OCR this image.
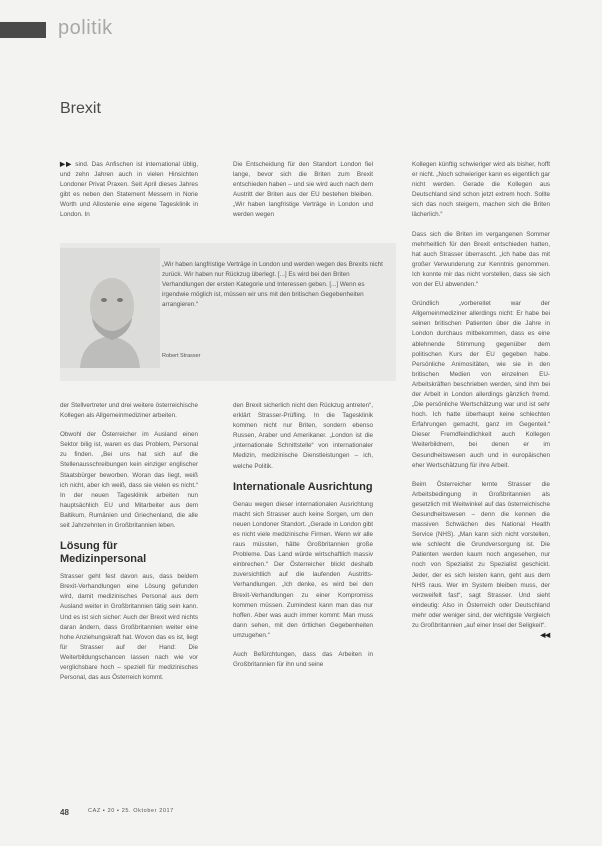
politik
Brexit

▶▶ sind. Das Anfischen ist international üblig, und zehn Jahren auch in vielen Hinsichten Londoner Privat Praxen. Seit April dieses Jahres gibt es neben den Statement Messern in Norie Worth und Allostenie eine eigene Tagesklinik in London. In

Die Entscheidung für den Standort London fiel lange, bevor sich die Briten zum Brexit entschieden haben – und sie wird auch nach dem Austritt der Briten aus der EU bestehen bleiben. „Wir haben langfristige Verträge in London und werden wegen

„Wir haben langfristige Verträge in London und werden wegen des Brexits nicht zurück. Wir haben nur Rückzug überlegt. [...] Es wird bei den Briten Verhandlungen der ersten Kategorie und Interessen geben. [...] Wenn es irgendwie möglich ist, müssen wir uns mit den britischen Gegebenheiten arrangieren.“
Robert Strasser

der Stellvertreter und drei weitere österreichische Kollegen als Allgemeinmediziner arbeiten.

Obwohl der Österreicher im Ausland einen Sektor bilig ist, waren es das Problem, Personal zu finden. „Bei uns hat sich auf die Stellenausschreibungen kein einziger englischer Staatsbürger beworben. Woran das liegt, weiß ich nicht, aber ich weiß, dass sie vielen es nicht.“ In der neuen Tagesklinik arbeiten nun hauptsächlich EU und Mitarbeiter aus dem Baltikum, Rumänien und Griechenland, die alle seit Jahrzehnten in Großbritannien leben.

Lösung für Medizinpersonal

Strasser geht fest davon aus, dass beidem Brexit-Verhandlungen eine Lösung gefunden wird, damit medizinisches Personal aus dem Ausland weiter in Großbritannien tätig sein kann. Und es ist sich sicher: Auch der Brexit wird nichts daran ändern, dass Großbritannien weiter eine hohe Anziehungskraft hat. Wovon das es ist, liegt für Strasser auf der Hand: Die Weiterbildungschancen lassen nach wie vor verglichsbare hoch – speziell für medizinisches Personal, das aus Österreich kommt.

den Brexit sicherlich nicht den Rückzug antreten“, erklärt Strasser-Prüfling. In die Tagesklinik kommen nicht nur Briten, sondern ebenso Russen, Araber und Amerikaner. „London ist die „internationale Schnittstelle“ von internationaler Medizin, medizinische Dienstleistungen – ich, welche Politik.

Internationale Ausrichtung

Genau wegen dieser internationalen Ausrichtung macht sich Strasser auch keine Sorgen, um den neuen Londoner Standort. „Gerade in London gibt es nicht viele medizinische Firmen. Wenn wir alle raus müssten, hätte Großbritannien große Probleme. Das Land würde wirtschaftlich massiv einbrechen.“ Der Österreicher blickt deshalb zuversichtlich auf die laufenden Austritts-Verhandlungen. „Ich denke, es wird bei den Brexit-Verhandlungen zu einer Kompromiss kommen müssen. Zumindest kann man das nur hoffen. Aber was auch immer kommt: Man muss dann sehen, mit den örtlichen Gegebenheiten umzugehen.“

Auch Befürchtungen, dass das Arbeiten in Großbritannien für ihn und seine

Kollegen künftig schwieriger wird als bisher, hofft er nicht. „Noch schwieriger kann es eigentlich gar nicht werden. Gerade die Kollegen aus Deutschland sind schon jetzt extrem hoch. Sollte sich das noch steigern, machen sich die Briten lächerlich.“

Dass sich die Briten im vergangenen Sommer mehrheitlich für den Brexit entschieden hatten, hat auch Strasser überrascht. „Ich habe das mit großer Verwunderung zur Kenntnis genommen. Ich konnte mir das nicht vorstellen, dass sie sich von der EU abwenden.“

Gründlich „vorbereitet war der Allgemeinmediziner allerdings nicht: Er habe bei seinen britischen Patienten über die Jahre in London durchaus mitbekommen, dass es eine ablehnende Stimmung gegenüber dem politischen Kurs der EU gegeben habe. Persönliche Animositäten, wie sie in den britischen Medien von einzelnen EU-Arbeitskräften beschrieben werden, sind ihm bei der Arbeit in London allerdings gänzlich fremd. „Die persönliche Wertschätzung war und ist sehr hoch. Ich hatte überhaupt keine schlechten Erfahrungen gemacht, ganz im Gegenteil.“ Dieser Fremdfeindlichkeit auch Kollegen Weiterbildnern, bei denen er im Gesundheitswesen auch und in europäischen eher Wertschätzung für ihre Arbeit.

Beim Österreicher lernte Strasser die Arbeitsbedingung in Großbritannien als gesetzlich mit Weitwinkel auf das österreichische Gesundheitswesen – denn die kennen die massiven Schwächen des National Health Service (NHS). „Man kann sich nicht vorstellen, wie schlecht die Grundversorgung ist. Die Patienten werden kaum noch angesehen, nur noch von Spezialist zu Spezialist geschickt. Jeder, der es sich leisten kann, geht aus dem NHS raus. Wer im System bleiben muss, der verzweifelt fast“, sagt Strasser. Und sieht eindeutig: Also in Österreich oder Deutschland mehr oder weniger sind, der wichtigste Vergleich zu Großbritannien „auf einer Insel der Seligkeit“.
◀◀

48	CAZ ▪ 20 ▪ 25. Oktober 2017
